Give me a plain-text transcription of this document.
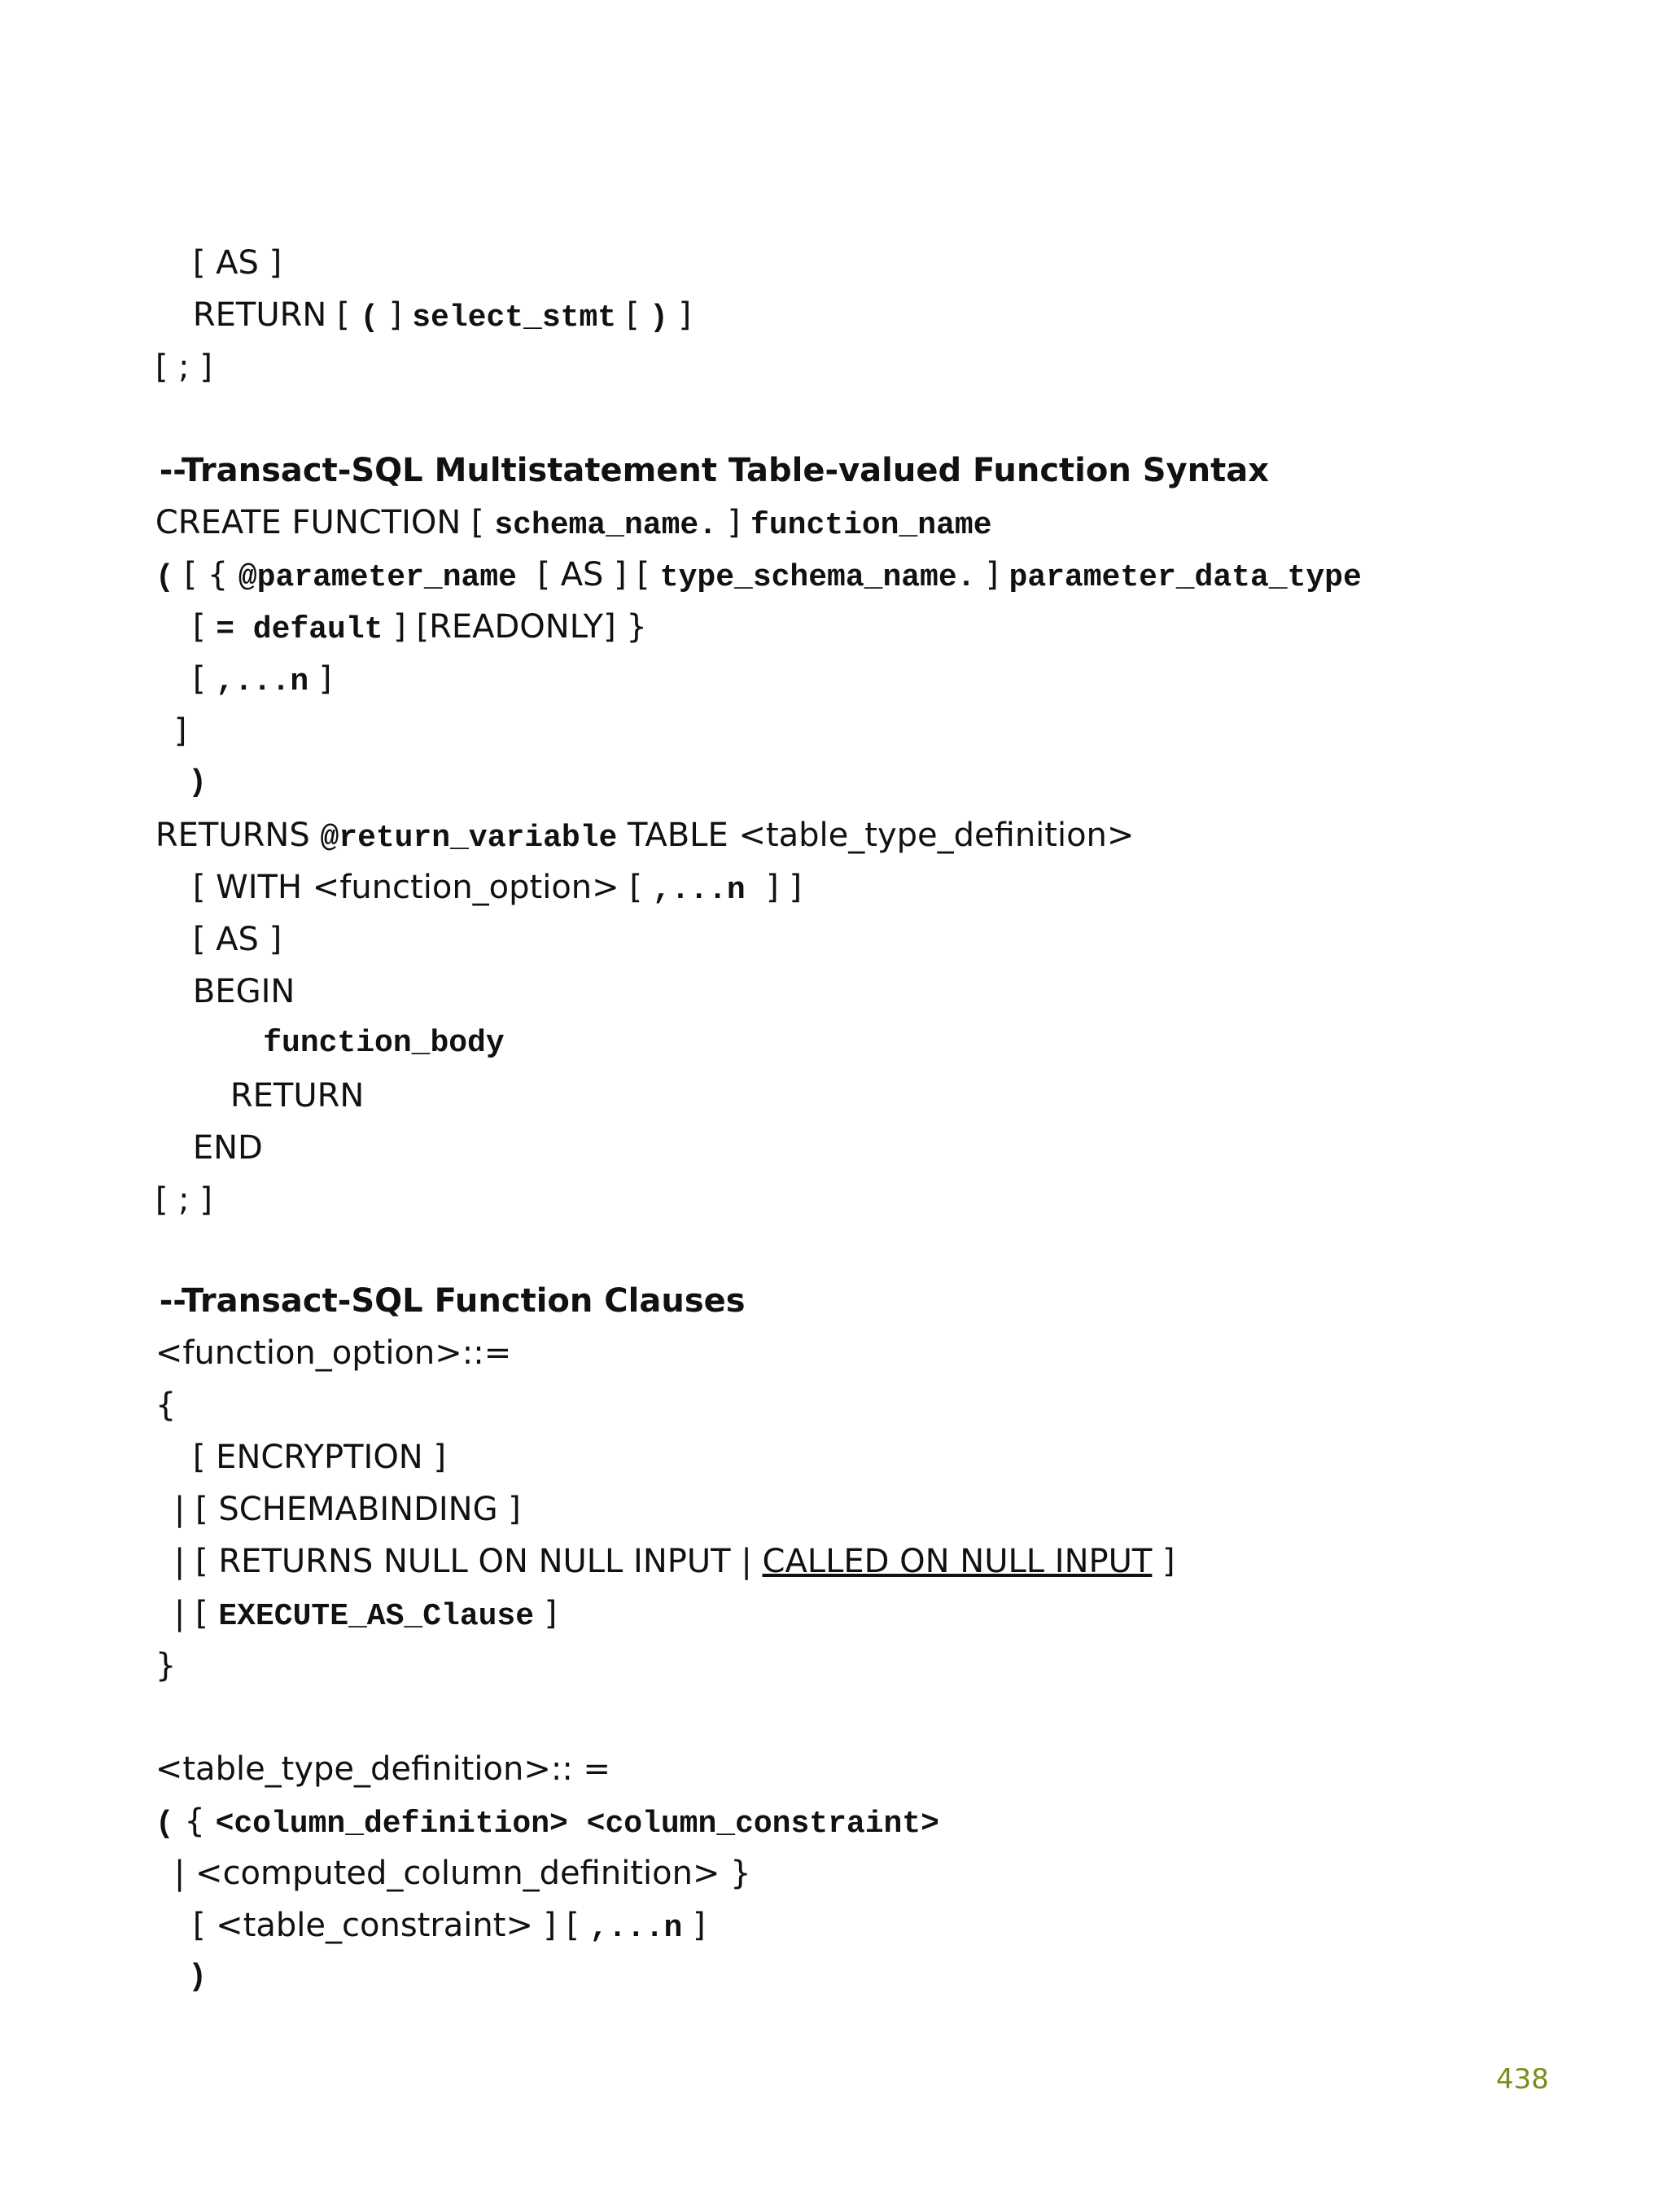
[ AS ]

RETURN [ ( ] select_stmt [ ) ]

[ ; ]

--Transact-SQL Multistatement Table-valued Function Syntax

CREATE FUNCTION [ schema_name. ] function_name

( [ { @parameter_name  [ AS ] [ type_schema_name. ] parameter_data_type

[ = default ] [READONLY] }

[ ,...n ]

]

)

RETURNS @return_variable TABLE <table_type_definition>

[ WITH <function_option> [ ,...n  ] ]

[ AS ]

BEGIN

function_body

RETURN

END

[ ; ]

--Transact-SQL Function Clauses

<function_option>::=

{

[ ENCRYPTION ]

| [ SCHEMABINDING ]

| [ RETURNS NULL ON NULL INPUT | CALLED ON NULL INPUT ]

| [ EXECUTE_AS_Clause ]

}

<table_type_definition>:: =

( { <column_definition> <column_constraint>

| <computed_column_definition> }

[ <table_constraint> ] [ ,...n ]

)

438
